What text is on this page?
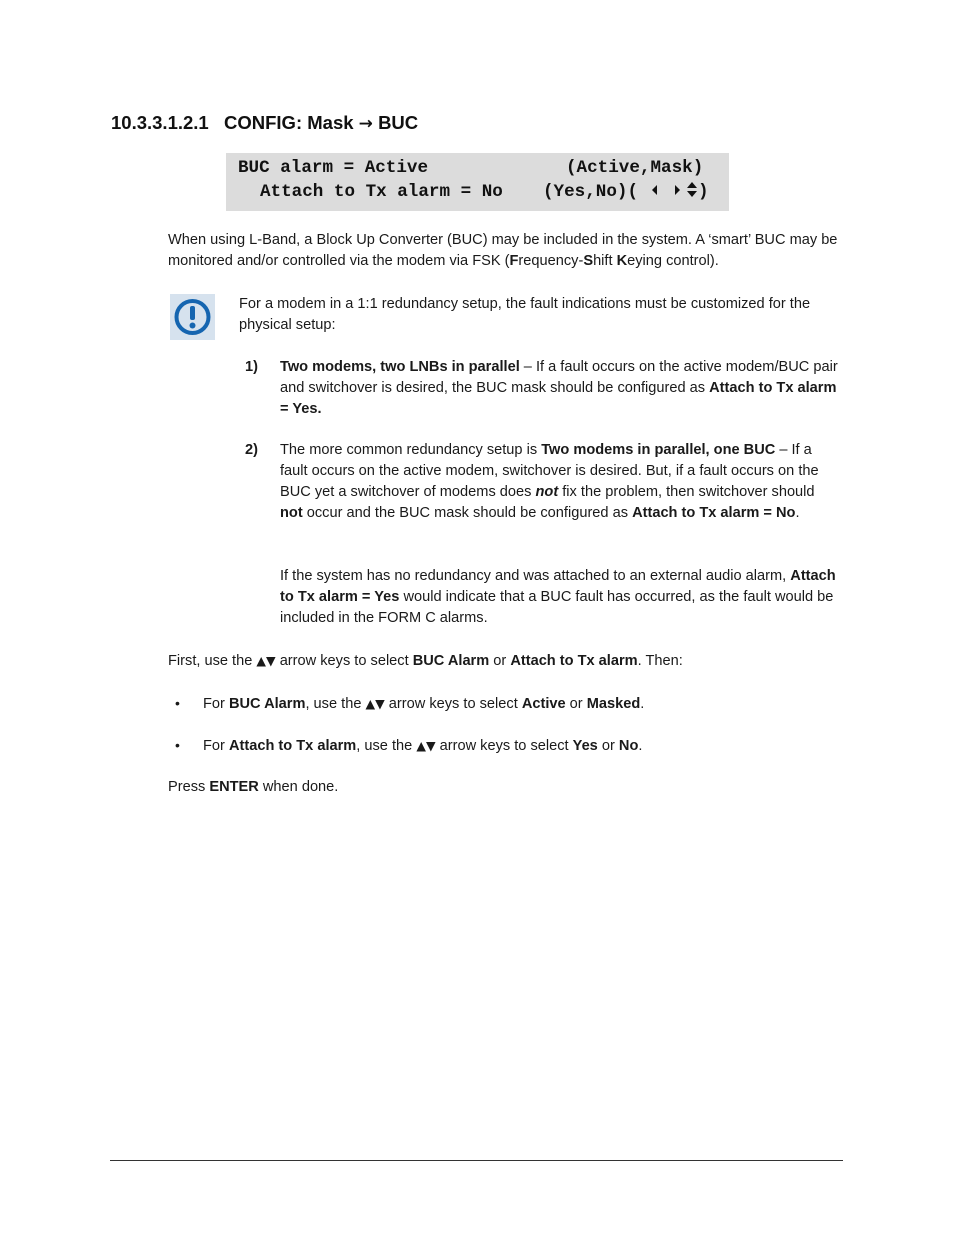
10.3.3.1.2.1 CONFIG: Mask → BUC
BUC alarm = Active	(Active,Mask)
Attach to Tx alarm = No (Yes,No)(	)
When using L-Band, a Block Up Converter (BUC) may be included in the system. A ‘smart’ BUC may be monitored and/or controlled via the modem via FSK (Frequency-Shift Keying control).
For a modem in a 1:1 redundancy setup, the fault indications must be customized for the physical setup:
1) Two modems, two LNBs in parallel – If a fault occurs on the active modem/BUC pair and switchover is desired, the BUC mask should be configured as Attach to Tx alarm = Yes.
2) The more common redundancy setup is Two modems in parallel, one BUC – If a fault occurs on the active modem, switchover is desired. But, if a fault occurs on the BUC yet a switchover of modems does not fix the problem, then switchover should not occur and the BUC mask should be configured as Attach to Tx alarm = No.
If the system has no redundancy and was attached to an external audio alarm, Attach to Tx alarm = Yes would indicate that a BUC fault has occurred, as the fault would be included in the FORM C alarms.
First, use the ▲▼ arrow keys to select BUC Alarm or Attach to Tx alarm. Then:
• For BUC Alarm, use the ▲▼ arrow keys to select Active or Masked.
• For Attach to Tx alarm, use the ▲▼ arrow keys to select Yes or No.
Press ENTER when done.
